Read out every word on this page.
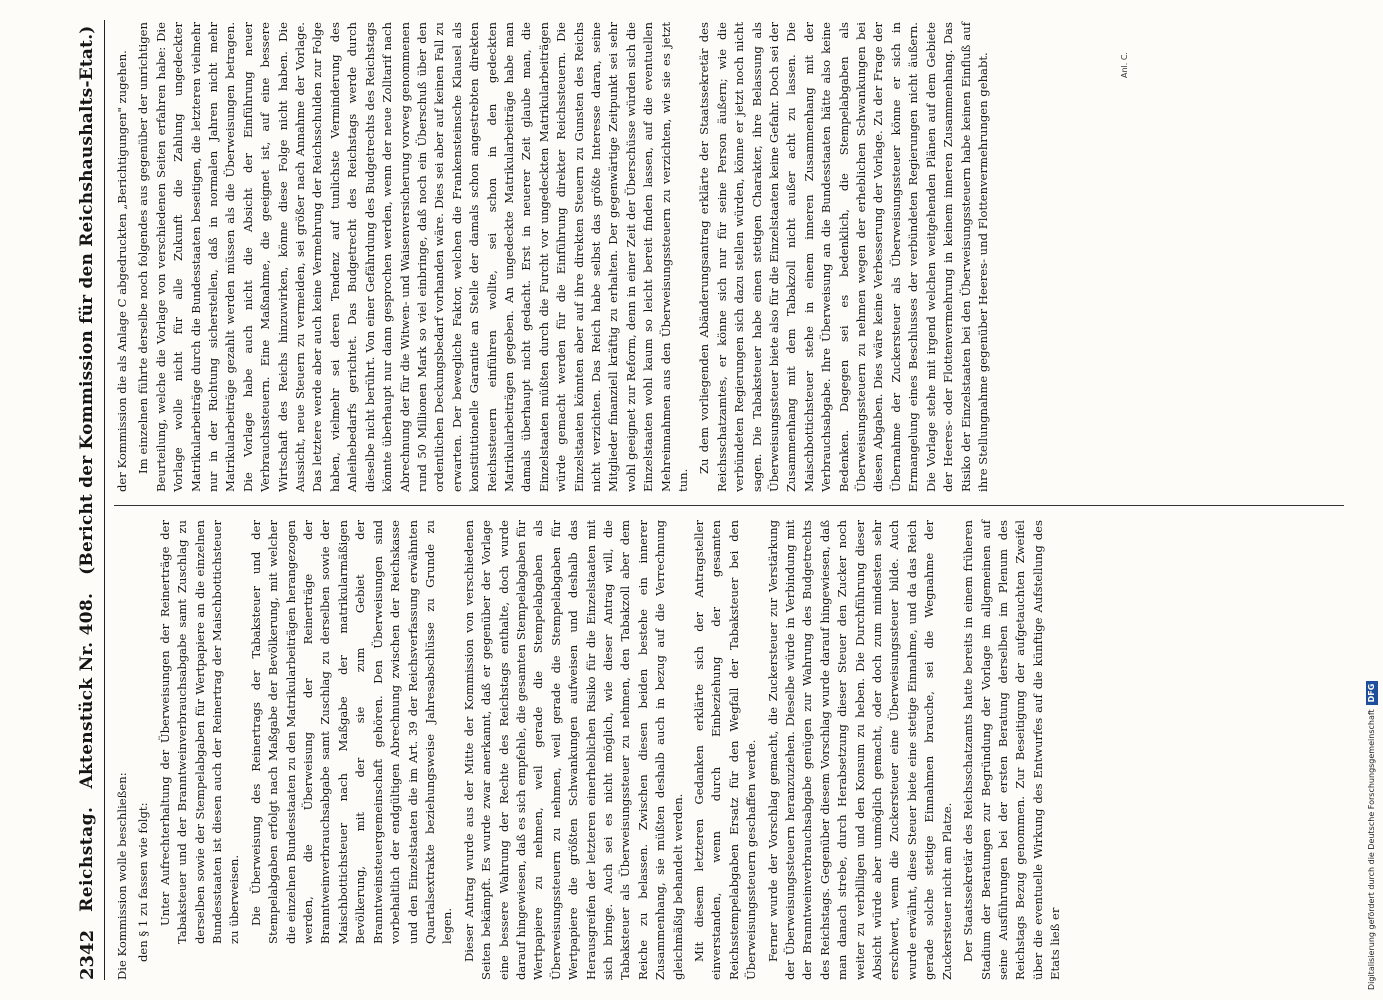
2342
Reichstag.
Aktenstück Nr. 408.
(Bericht der Kommission für den Reichshaushalts-Etat.)

Die Kommission wolle beschließen: den § 1 zu fassen wie folgt: Unter Aufrechterhaltung der Überweisungen der Reinerträge der Tabaksteuer und der Branntweinverbrauchsabgabe samt Zuschlag zu derselben sowie der Stempelabgaben für Wertpapiere an die einzelnen Bundesstaaten ist diesen auch der Reinertrag der Maischbottichsteuer zu überweisen. Die Überweisung des Reinertrags der Tabaksteuer und der Stempelabgaben erfolgt nach Maßgabe der Bevölkerung, mit welcher die einzelnen Bundesstaaten zu den Matrikularbeiträgen herangezogen werden, die Überweisung der Reinerträge der Branntweinverbrauchsabgabe samt Zuschlag zu derselben sowie der Maischbottichsteuer nach Maßgabe der matrikularmäßigen Bevölkerung, mit der sie zum Gebiet der Branntweinsteuergemeinschaft gehören. Den Überweisungen sind vorbehaltlich der endgültigen Abrechnung zwischen der Reichskasse und den Einzelstaaten die im Art. 39 der Reichsverfassung erwähnten Quartalsextrakte beziehungsweise Jahresabschlüsse zu Grunde zu legen. Dieser Antrag wurde aus der Mitte der Kommission von verschiedenen Seiten bekämpft. Es wurde zwar anerkannt, daß er gegenüber der Vorlage eine bessere Wahrung der Rechte des Reichstags enthalte, doch wurde darauf hingewiesen, daß es sich empfehle, die gesamten Stempelabgaben für Wertpapiere zu nehmen, weil gerade die Stempelabgaben als Überweisungssteuern zu nehmen, weil gerade die Stempelabgaben für Wertpapiere die größten Schwankungen aufweisen und deshalb das Herausgreifen der letzteren einerheblichen Risiko für die Einzelstaaten mit sich bringe. Auch sei es nicht möglich, wie dieser Antrag will, die Tabaksteuer als Überweisungssteuer zu nehmen, den Tabakzoll aber dem Reiche zu belassen. Zwischen diesen beiden bestehe ein innerer Zusammenhang, sie müßten deshalb auch in bezug auf die Verrechnung gleichmäßig behandelt werden. Mit diesem letzteren Gedanken erklärte sich der Antragsteller einverstanden, wenn durch Einbeziehung der gesamten Reichsstempelabgaben Ersatz für den Wegfall der Tabaksteuer bei den Überweisungssteuern geschaffen werde. Ferner wurde der Vorschlag gemacht, die Zuckersteuer zur Verstärkung der Überweisungssteuern heranzuziehen. Dieselbe würde in Verbindung mit der Branntweinverbrauchsabgabe genügen zur Wahrung des Budgetrechts des Reichstags. Gegenüber diesem Vorschlag wurde darauf hingewiesen, daß man danach strebe, durch Herabsetzung dieser Steuer den Zucker noch weiter zu verbilligen und den Konsum zu heben. Die Durchführung dieser Absicht würde aber unmöglich gemacht, oder doch zum mindesten sehr erschwert, wenn die Zuckersteuer eine Überweisungssteuer bilde. Auch wurde erwähnt, diese Steuer biete eine stetige Einnahme, und da das Reich gerade solche stetige Einnahmen brauche, sei die Wegnahme der Zuckersteuer nicht am Platze. Der Staatssekretär des Reichsschatzamts hatte bereits in einem früheren Stadium der Beratungen zur Begründung der Vorlage im allgemeinen auf seine Ausführungen bei der ersten Beratung derselben im Plenum des Reichstags Bezug genommen. Zur Beseitigung der aufgetauchten Zweifel über die eventuelle Wirkung des Entwurfes auf die künftige Aufstellung des Etats ließ er

der Kommission die als Anlage C abgedruckten „Berichtigungen" zugehen. Im einzelnen führte derselbe noch folgendes aus gegenüber der unrichtigen Beurteilung, welche die Vorlage von verschiedenen Seiten erfahren habe: Die Vorlage wolle nicht für alle Zukunft die Zahlung ungedeckter Matrikularbeiträge durch die Bundesstaaten beseitigen, die letzteren vielmehr nur in der Richtung sicherstellen, daß in normalen Jahren nicht mehr Matrikularbeiträge gezahlt werden müssen als die Überweisungen betragen. Die Vorlage habe auch nicht die Absicht der Einführung neuer Verbrauchssteuern. Eine Maßnahme, die geeignet ist, auf eine bessere Wirtschaft des Reichs hinzuwirken, könne diese Folge nicht haben. Die Aussicht, neue Steuern zu vermeiden, sei größer nach Annahme der Vorlage. Das letztere werde aber auch keine Vermehrung der Reichsschulden zur Folge haben, vielmehr sei deren Tendenz auf tunlichste Verminderung des Anleihebedarfs gerichtet. Das Budgetrecht des Reichstags werde durch dieselbe nicht berührt. Von einer Gefährdung des Budgetrechts des Reichstags könnte überhaupt nur dann gesprochen werden, wenn der neue Zolltarif nach Abrechnung der für die Witwen- und Waisenversicherung vorweg genommenen rund 50 Millionen Mark so viel einbringe, daß noch ein Überschuß über den ordentlichen Deckungsbedarf vorhanden wäre. Dies sei aber auf keinen Fall zu erwarten. Der bewegliche Faktor, welchen die Frankensteinsche Klausel als konstitutionelle Garantie an Stelle der damals schon angestrebten direkten Reichssteuern einführen wollte, sei schon in den gedeckten Matrikularbeiträgen gegeben. An ungedeckte Matrikularbeiträge habe man damals überhaupt nicht gedacht. Erst in neuerer Zeit glaube man, die Einzelstaaten müßten durch die Furcht vor ungedeckten Matrikularbeiträgen würde gemacht werden für die Einführung direkter Reichssteuern. Die Einzelstaaten könnten aber auf ihre direkten Steuern zu Gunsten des Reichs nicht verzichten. Das Reich habe selbst das größte Interesse daran, seine Mitglieder finanziell kräftig zu erhalten. Der gegenwärtige Zeitpunkt sei sehr wohl geeignet zur Reform, denn in einer Zeit der Überschüsse würden sich die Einzelstaaten wohl kaum so leicht bereit finden lassen, auf die eventuellen Mehreinnahmen aus den Überweisungssteuern zu verzichten, wie sie es jetzt tun.

Zu dem vorliegenden Abänderungsantrag erklärte der Staatssekretär des Reichsschatzamtes, er könne sich nur für seine Person äußern; wie die verbündeten Regierungen sich dazu stellen würden, könne er jetzt noch nicht sagen. Die Tabaksteuer habe einen stetigen Charakter, ihre Belassung als Überweisungssteuer biete also für die Einzelstaaten keine Gefahr. Doch sei der Zusammenhang mit dem Tabakzoll nicht außer acht zu lassen. Die Maischbottichsteuer stehe in einem inneren Zusammenhang mit der Verbrauchsabgabe. Ihre Überweisung an die Bundesstaaten hätte also keine Bedenken. Dagegen sei es bedenklich, die Stempelabgaben als Überweisungssteuern zu nehmen wegen der erheblichen Schwankungen bei diesen Abgaben. Dies wäre keine Verbesserung der Vorlage. Zu der Frage der Übernahme der Zuckersteuer als Überweisungssteuer könne er sich in Ermangelung eines Beschlusses der verbündeten Regierungen nicht äußern. Die Vorlage stehe mit irgend welchen weitgehenden Plänen auf dem Gebiete der Heeres- oder Flottenvermehrung in keinem inneren Zusammenhang. Das Risiko der Einzelstaaten bei den Überweisungssteuern habe keinen Einfluß auf ihre Stellungnahme gegenüber Heeres- und Flottenvermehrungen gehabt.	Anl. C.
Digitalisierung gefördert durch die Deutsche Forschungsgemeinschaft
DFG
